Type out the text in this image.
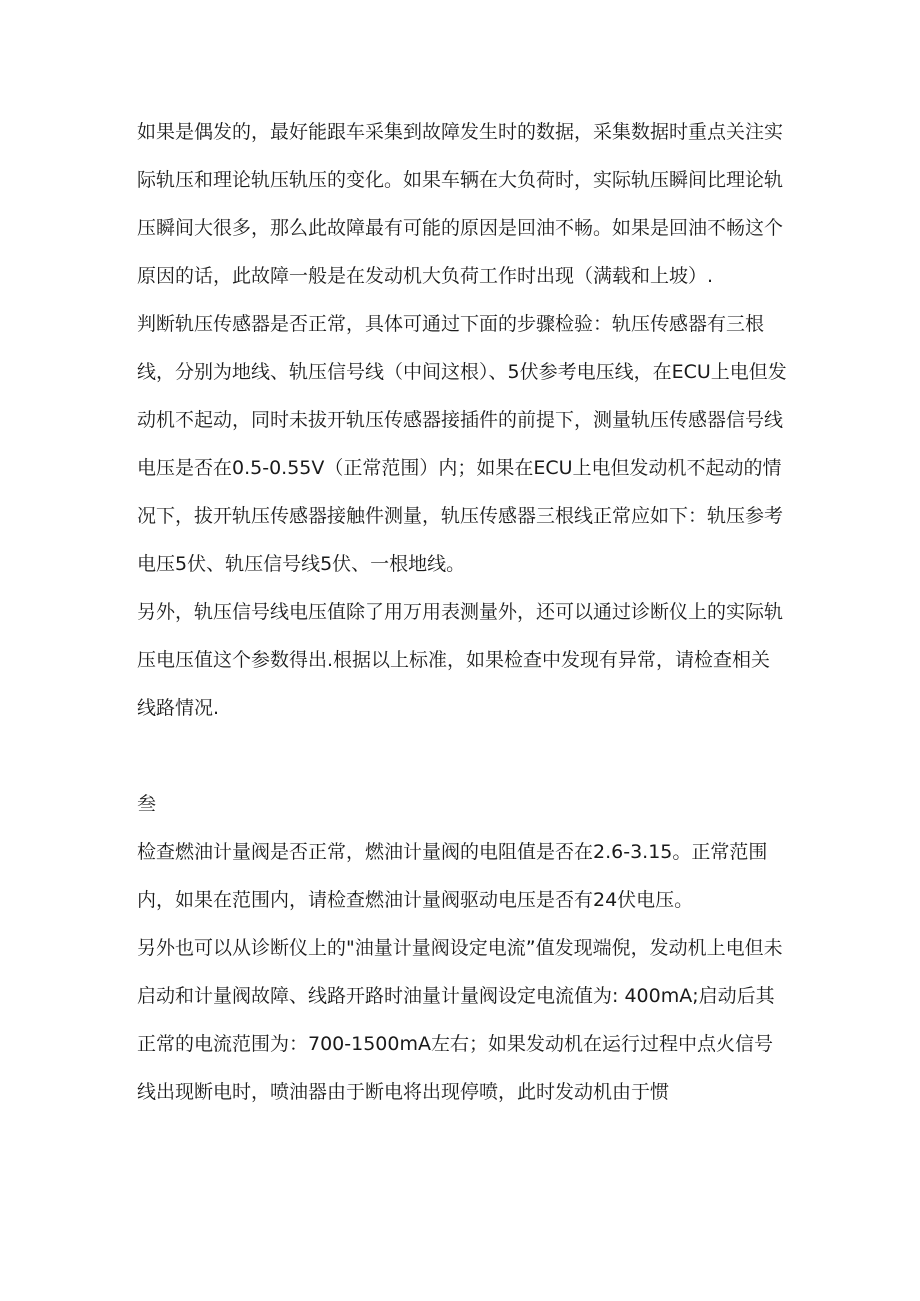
如果是偶发的，最好能跟车采集到故障发生时的数据，采集数据时重点关注实际轨压和理论轨压轨压的变化。如果车辆在大负荷时，实际轨压瞬间比理论轨压瞬间大很多，那么此故障最有可能的原因是回油不畅。如果是回油不畅这个原因的话，此故障一般是在发动机大负荷工作时出现（满载和上坡）.

判断轨压传感器是否正常，具体可通过下面的步骤检验：轨压传感器有三根线，分别为地线、轨压信号线（中间这根）、5伏参考电压线，在ECU上电但发动机不起动，同时未拔开轨压传感器接插件的前提下，测量轨压传感器信号线电压是否在0.5-0.55V（正常范围）内；如果在ECU上电但发动机不起动的情况下，拔开轨压传感器接触件测量，轨压传感器三根线正常应如下：轨压参考电压5伏、轨压信号线5伏、一根地线。

另外，轨压信号线电压值除了用万用表测量外，还可以通过诊断仪上的实际轨压电压值这个参数得出.根据以上标准，如果检查中发现有异常，请检查相关线路情况.

叁

检查燃油计量阀是否正常，燃油计量阀的电阻值是否在2.6-3.15。正常范围内，如果在范围内，请检查燃油计量阀驱动电压是否有24伏电压。

另外也可以从诊断仪上的"油量计量阀设定电流”值发现端倪，发动机上电但未启动和计量阀故障、线路开路时油量计量阀设定电流值为: 400mA;启动后其正常的电流范围为：700-1500mA左右；如果发动机在运行过程中点火信号线出现断电时，喷油器由于断电将出现停喷，此时发动机由于惯
